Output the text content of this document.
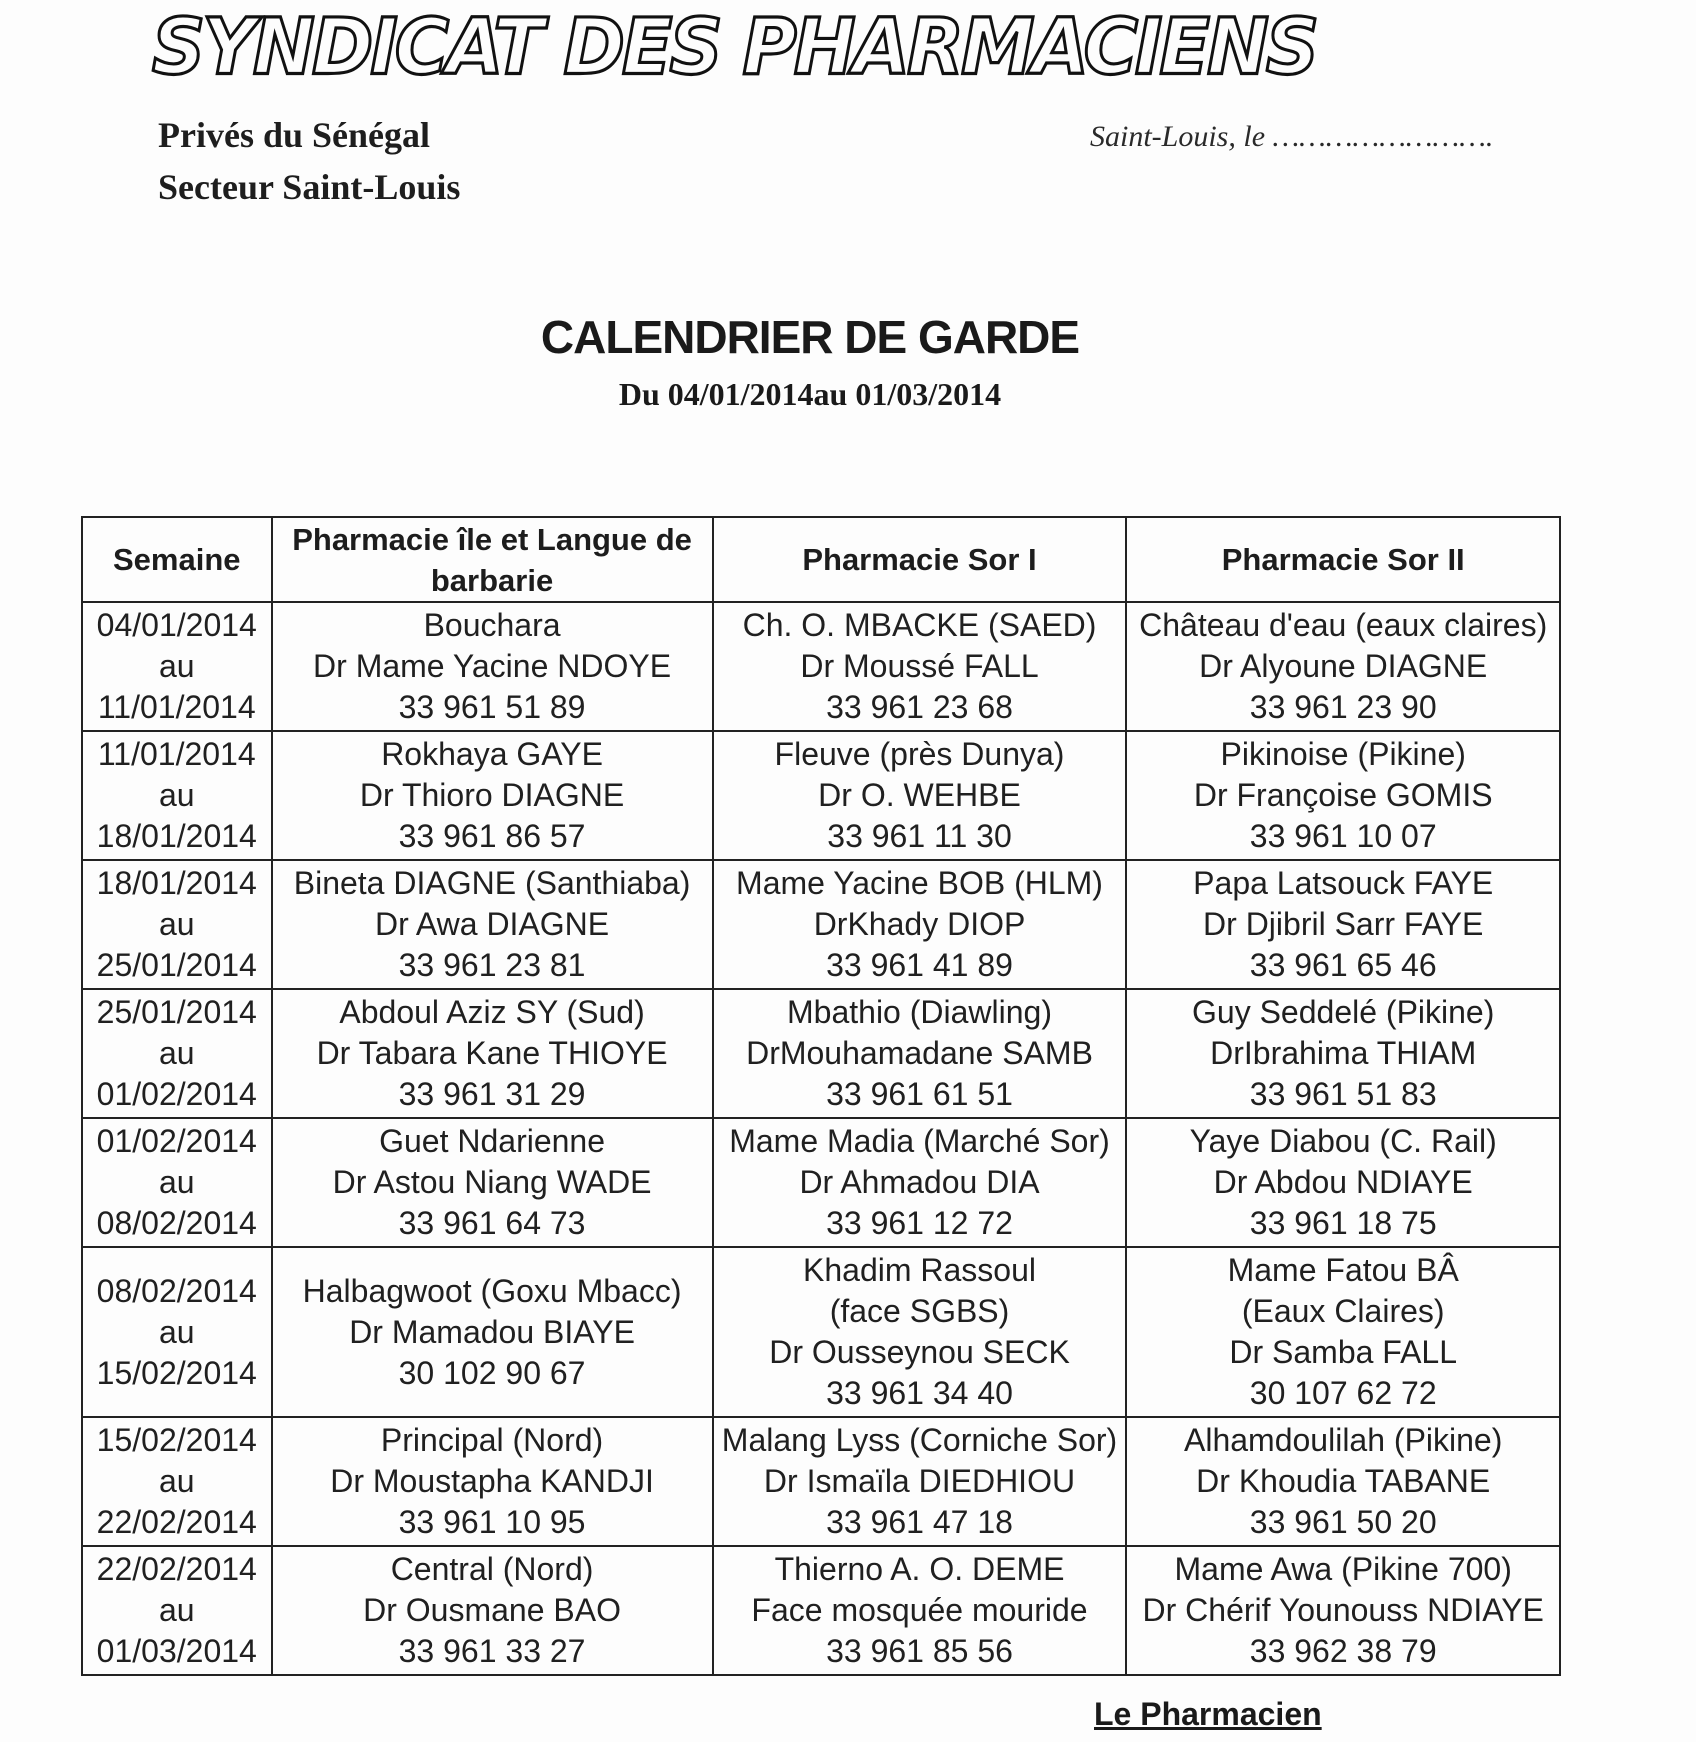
SYNDICAT DES PHARMACIENS
Privés du Sénégal
Secteur Saint-Louis
Saint-Louis, le …………………….
CALENDRIER DE GARDE
Du 04/01/2014au 01/03/2014
Semaine	Pharmacie île et Langue de barbarie	Pharmacie Sor I	Pharmacie Sor II

04/01/2014
au
11/01/2014	Bouchara
Dr Mame Yacine NDOYE
33 961 51 89	Ch. O. MBACKE (SAED)
Dr Moussé FALL
33 961 23 68	Château d'eau (eaux claires)
Dr Alyoune DIAGNE
33 961 23 90

11/01/2014
au
18/01/2014	Rokhaya GAYE
Dr Thioro DIAGNE
33 961 86 57	Fleuve (près Dunya)
Dr O. WEHBE
33 961 11 30	Pikinoise (Pikine)
Dr Françoise GOMIS
33 961 10 07

18/01/2014
au
25/01/2014	Bineta DIAGNE (Santhiaba)
Dr Awa DIAGNE
33 961 23 81	Mame Yacine BOB (HLM)
DrKhady DIOP
33 961 41 89	Papa Latsouck FAYE
Dr Djibril Sarr FAYE
33 961 65 46

25/01/2014
au
01/02/2014	Abdoul Aziz SY (Sud)
Dr Tabara Kane THIOYE
33 961 31 29	Mbathio (Diawling)
DrMouhamadane SAMB
33 961 61 51	Guy Seddelé (Pikine)
DrIbrahima THIAM
33 961 51 83

01/02/2014
au
08/02/2014	Guet Ndarienne
Dr Astou Niang WADE
33 961 64 73	Mame Madia (Marché Sor)
Dr Ahmadou DIA
33 961 12 72	Yaye Diabou (C. Rail)
Dr Abdou NDIAYE
33 961 18 75

08/02/2014
au
15/02/2014	Halbagwoot (Goxu Mbacc)
Dr Mamadou BIAYE
30 102 90 67	Khadim Rassoul
(face SGBS)
Dr Ousseynou SECK
33 961 34 40	Mame Fatou BÂ
(Eaux Claires)
Dr Samba FALL
30 107 62 72

15/02/2014
au
22/02/2014	Principal (Nord)
Dr Moustapha KANDJI
33 961 10 95	Malang Lyss (Corniche Sor)
Dr Ismaïla DIEDHIOU
33 961 47 18	Alhamdoulilah (Pikine)
Dr Khoudia TABANE
33 961 50 20

22/02/2014
au
01/03/2014	Central (Nord)
Dr Ousmane BAO
33 961 33 27	Thierno A. O. DEME
Face mosquée mouride
33 961 85 56	Mame Awa (Pikine 700)
Dr Chérif Younouss NDIAYE
33 962 38 79
Le Pharmacien
